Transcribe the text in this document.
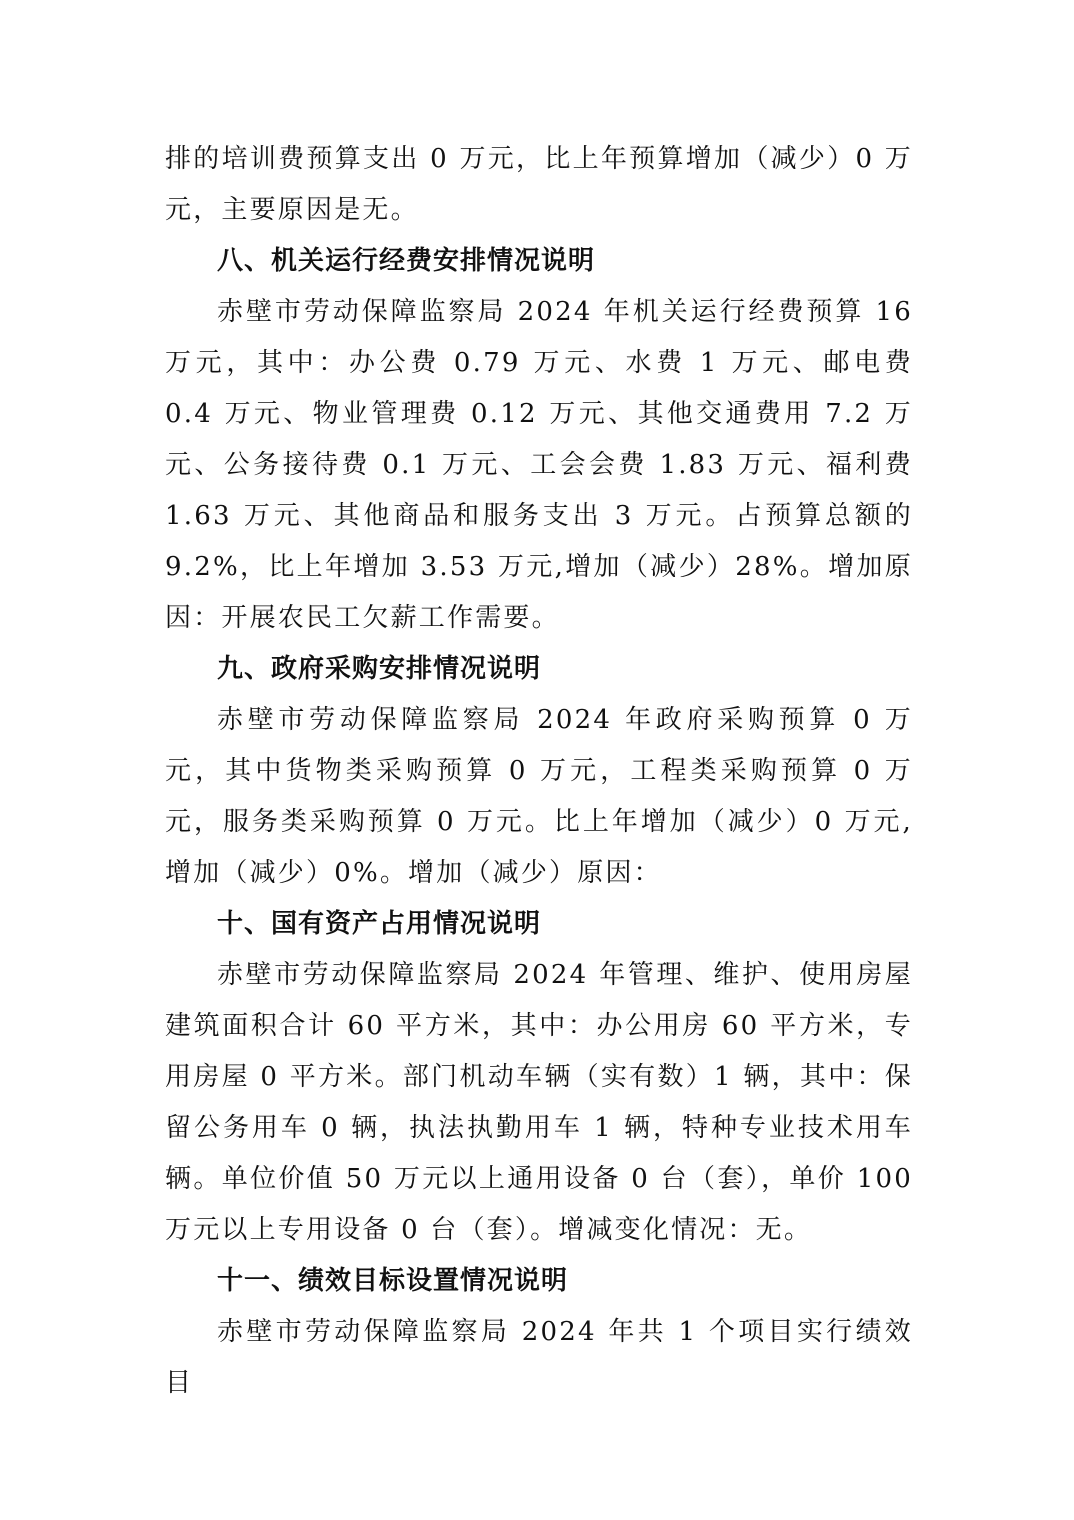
排的培训费预算支出 0 万元，比上年预算增加（减少）0 万元，主要原因是无。

八、机关运行经费安排情况说明

赤壁市劳动保障监察局 2024 年机关运行经费预算 16 万元，其中：办公费 0.79 万元、水费 1 万元、邮电费 0.4 万元、物业管理费 0.12 万元、其他交通费用 7.2 万元、公务接待费 0.1 万元、工会会费 1.83 万元、福利费 1.63 万元、其他商品和服务支出 3 万元。占预算总额的 9.2%，比上年增加 3.53 万元,增加（减少）28%。增加原因：开展农民工欠薪工作需要。

九、政府采购安排情况说明

赤壁市劳动保障监察局 2024 年政府采购预算 0 万元，其中货物类采购预算 0 万元，工程类采购预算 0 万元，服务类采购预算 0 万元。比上年增加（减少）0 万元,增加（减少）0%。增加（减少）原因：

十、国有资产占用情况说明

赤壁市劳动保障监察局 2024 年管理、维护、使用房屋建筑面积合计 60 平方米，其中：办公用房 60 平方米，专用房屋 0 平方米。部门机动车辆（实有数）1 辆，其中：保留公务用车 0 辆，执法执勤用车 1 辆，特种专业技术用车辆。单位价值 50 万元以上通用设备 0 台（套），单价 100 万元以上专用设备 0 台（套）。增减变化情况：无。

十一、绩效目标设置情况说明

赤壁市劳动保障监察局 2024 年共 1 个项目实行绩效目
